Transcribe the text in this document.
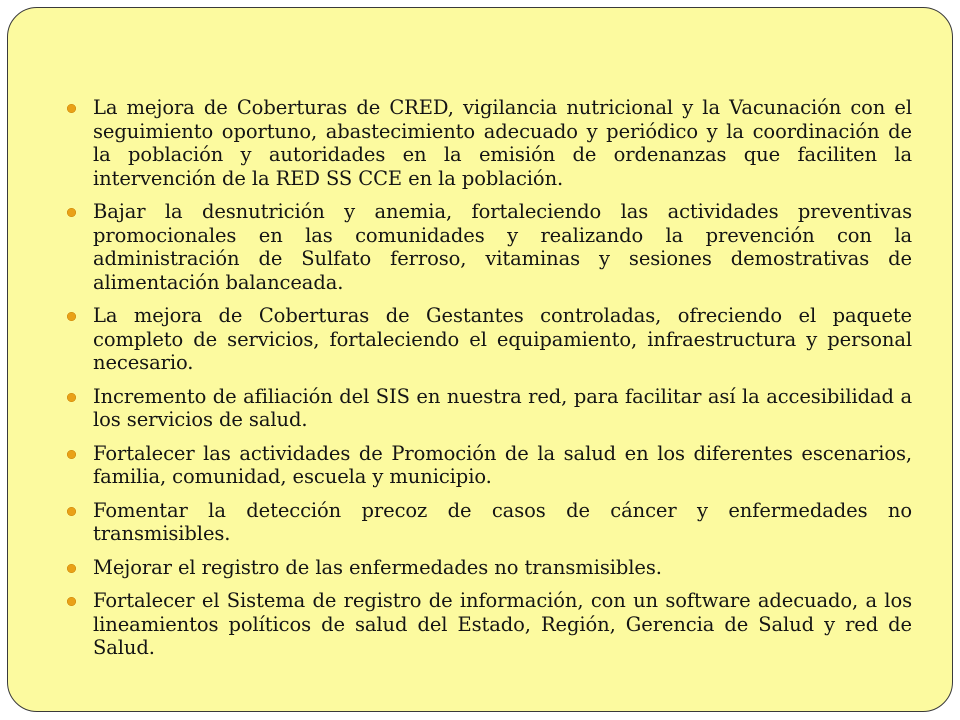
La mejora de Coberturas de CRED, vigilancia nutricional y la Vacunación con el seguimiento oportuno, abastecimiento adecuado y periódico y la coordinación de la población y autoridades en la emisión de ordenanzas que faciliten la intervención de la RED SS CCE en la población.
Bajar la desnutrición y anemia, fortaleciendo las actividades preventivas promocionales en las comunidades y realizando la prevención con la administración de Sulfato ferroso, vitaminas y sesiones demostrativas de alimentación balanceada.
La mejora de Coberturas de Gestantes controladas, ofreciendo el paquete completo de servicios, fortaleciendo el equipamiento, infraestructura y personal necesario.
Incremento de afiliación del SIS en nuestra red, para facilitar así la accesibilidad a los servicios de salud.
Fortalecer las actividades de Promoción de la salud en los diferentes escenarios, familia, comunidad, escuela y municipio.
Fomentar la detección precoz de casos de cáncer y enfermedades no transmisibles.
Mejorar el registro de las enfermedades no transmisibles.
Fortalecer el Sistema de registro de información, con un software adecuado, a los lineamientos políticos de salud del Estado, Región, Gerencia de Salud y red de Salud.
